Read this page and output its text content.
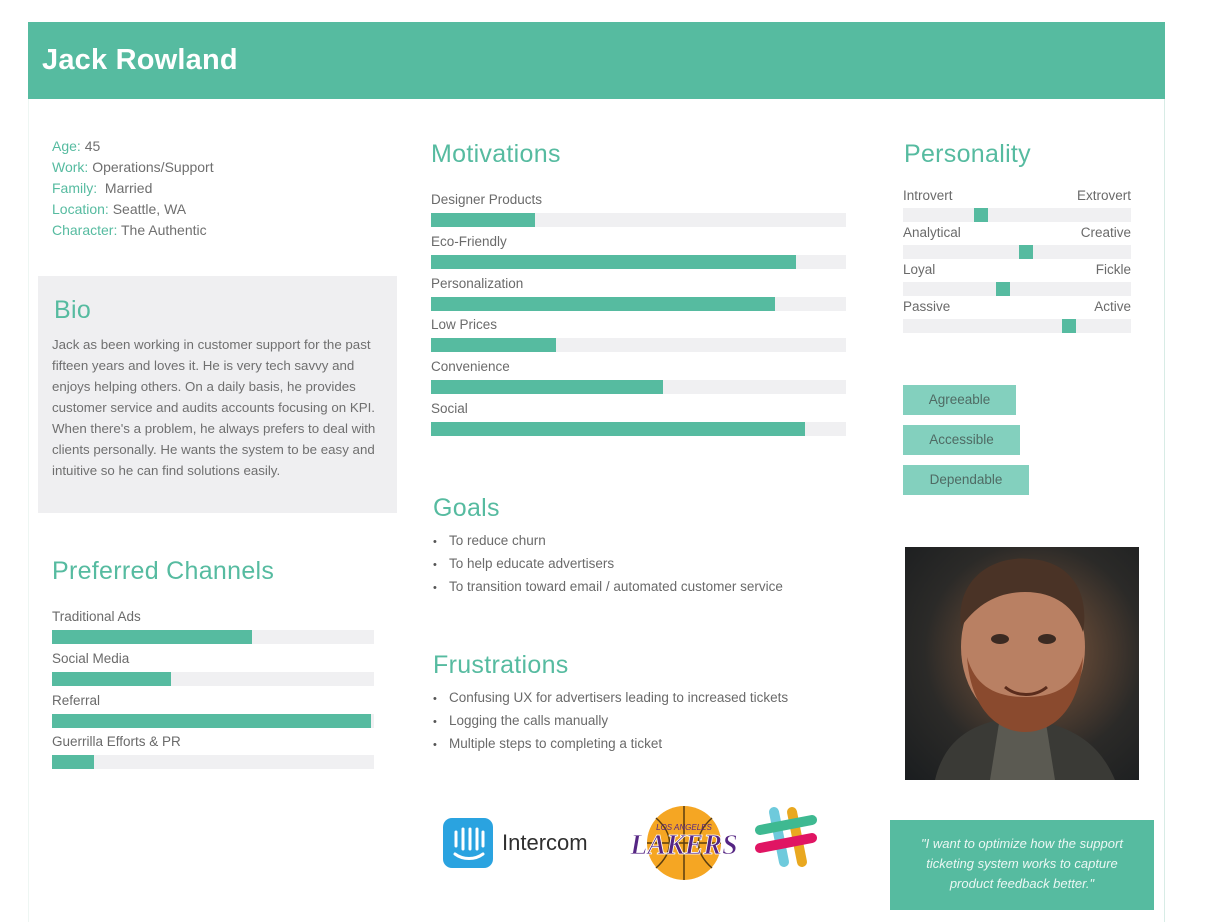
Jack Rowland
Age: 45
Work: Operations/Support
Family:  Married
Location: Seattle, WA
Character: The Authentic
Bio

Jack as been working in customer support for the past fifteen years and loves it. He is very tech savvy and enjoys helping others. On a daily basis, he provides customer service and audits accounts focusing on KPI. When there's a problem, he always prefers to deal with clients personally. He wants the system to be easy and intuitive so he can find solutions easily.

Preferred Channels
Traditional Ads
Social Media
Referral
Guerrilla Efforts & PR
Motivations
Designer Products
Eco-Friendly
Personalization
Low Prices
Convenience
Social
Goals
• To reduce churn
• To help educate advertisers
• To transition toward email / automated customer service
Frustrations
• Confusing UX for advertisers leading to increased tickets
• Logging the calls manually
• Multiple steps to completing a ticket
Personality
Introvert	Extrovert
Analytical	Creative
Loyal	Fickle
Passive	Active
Agreeable
Accessible
Dependable
Intercom
LOS ANGELES
LAKERS	"I want to optimize how the support ticketing system works to capture product feedback better."
